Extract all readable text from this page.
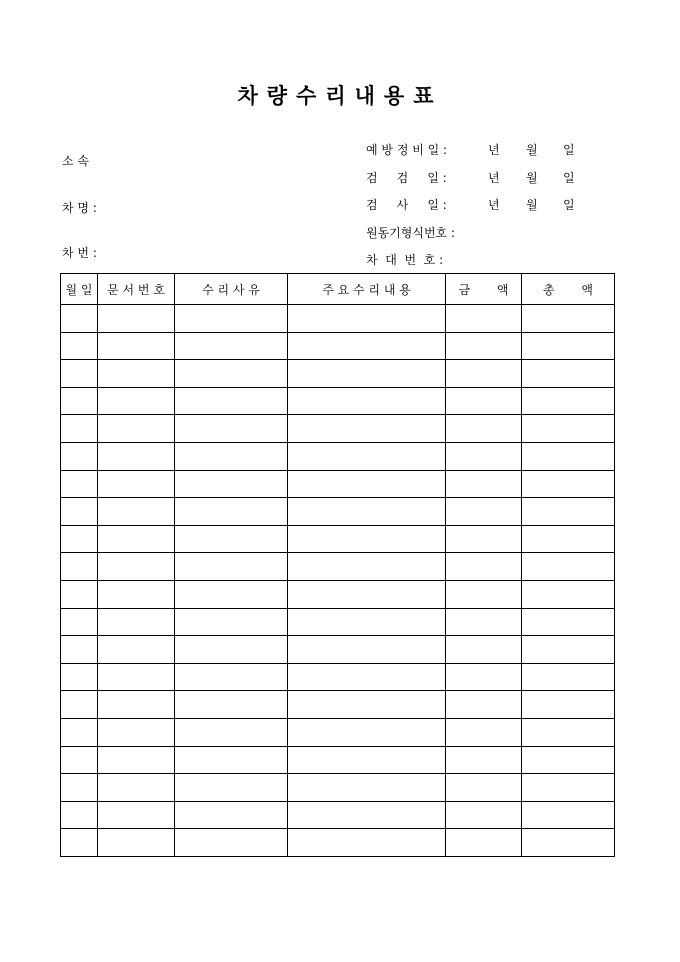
차량수리내용표
소 속
차 명 :
차 번 :
예 방 정 비 일 :	년 월 일
검     검     일 :	년 월 일
검     사     일 :	년 월 일
원동기형식번호 :
차  대  번  호 :
월 일	문 서 번 호	수 리 사 유	주 요 수 리 내 용	금       액	총       액
